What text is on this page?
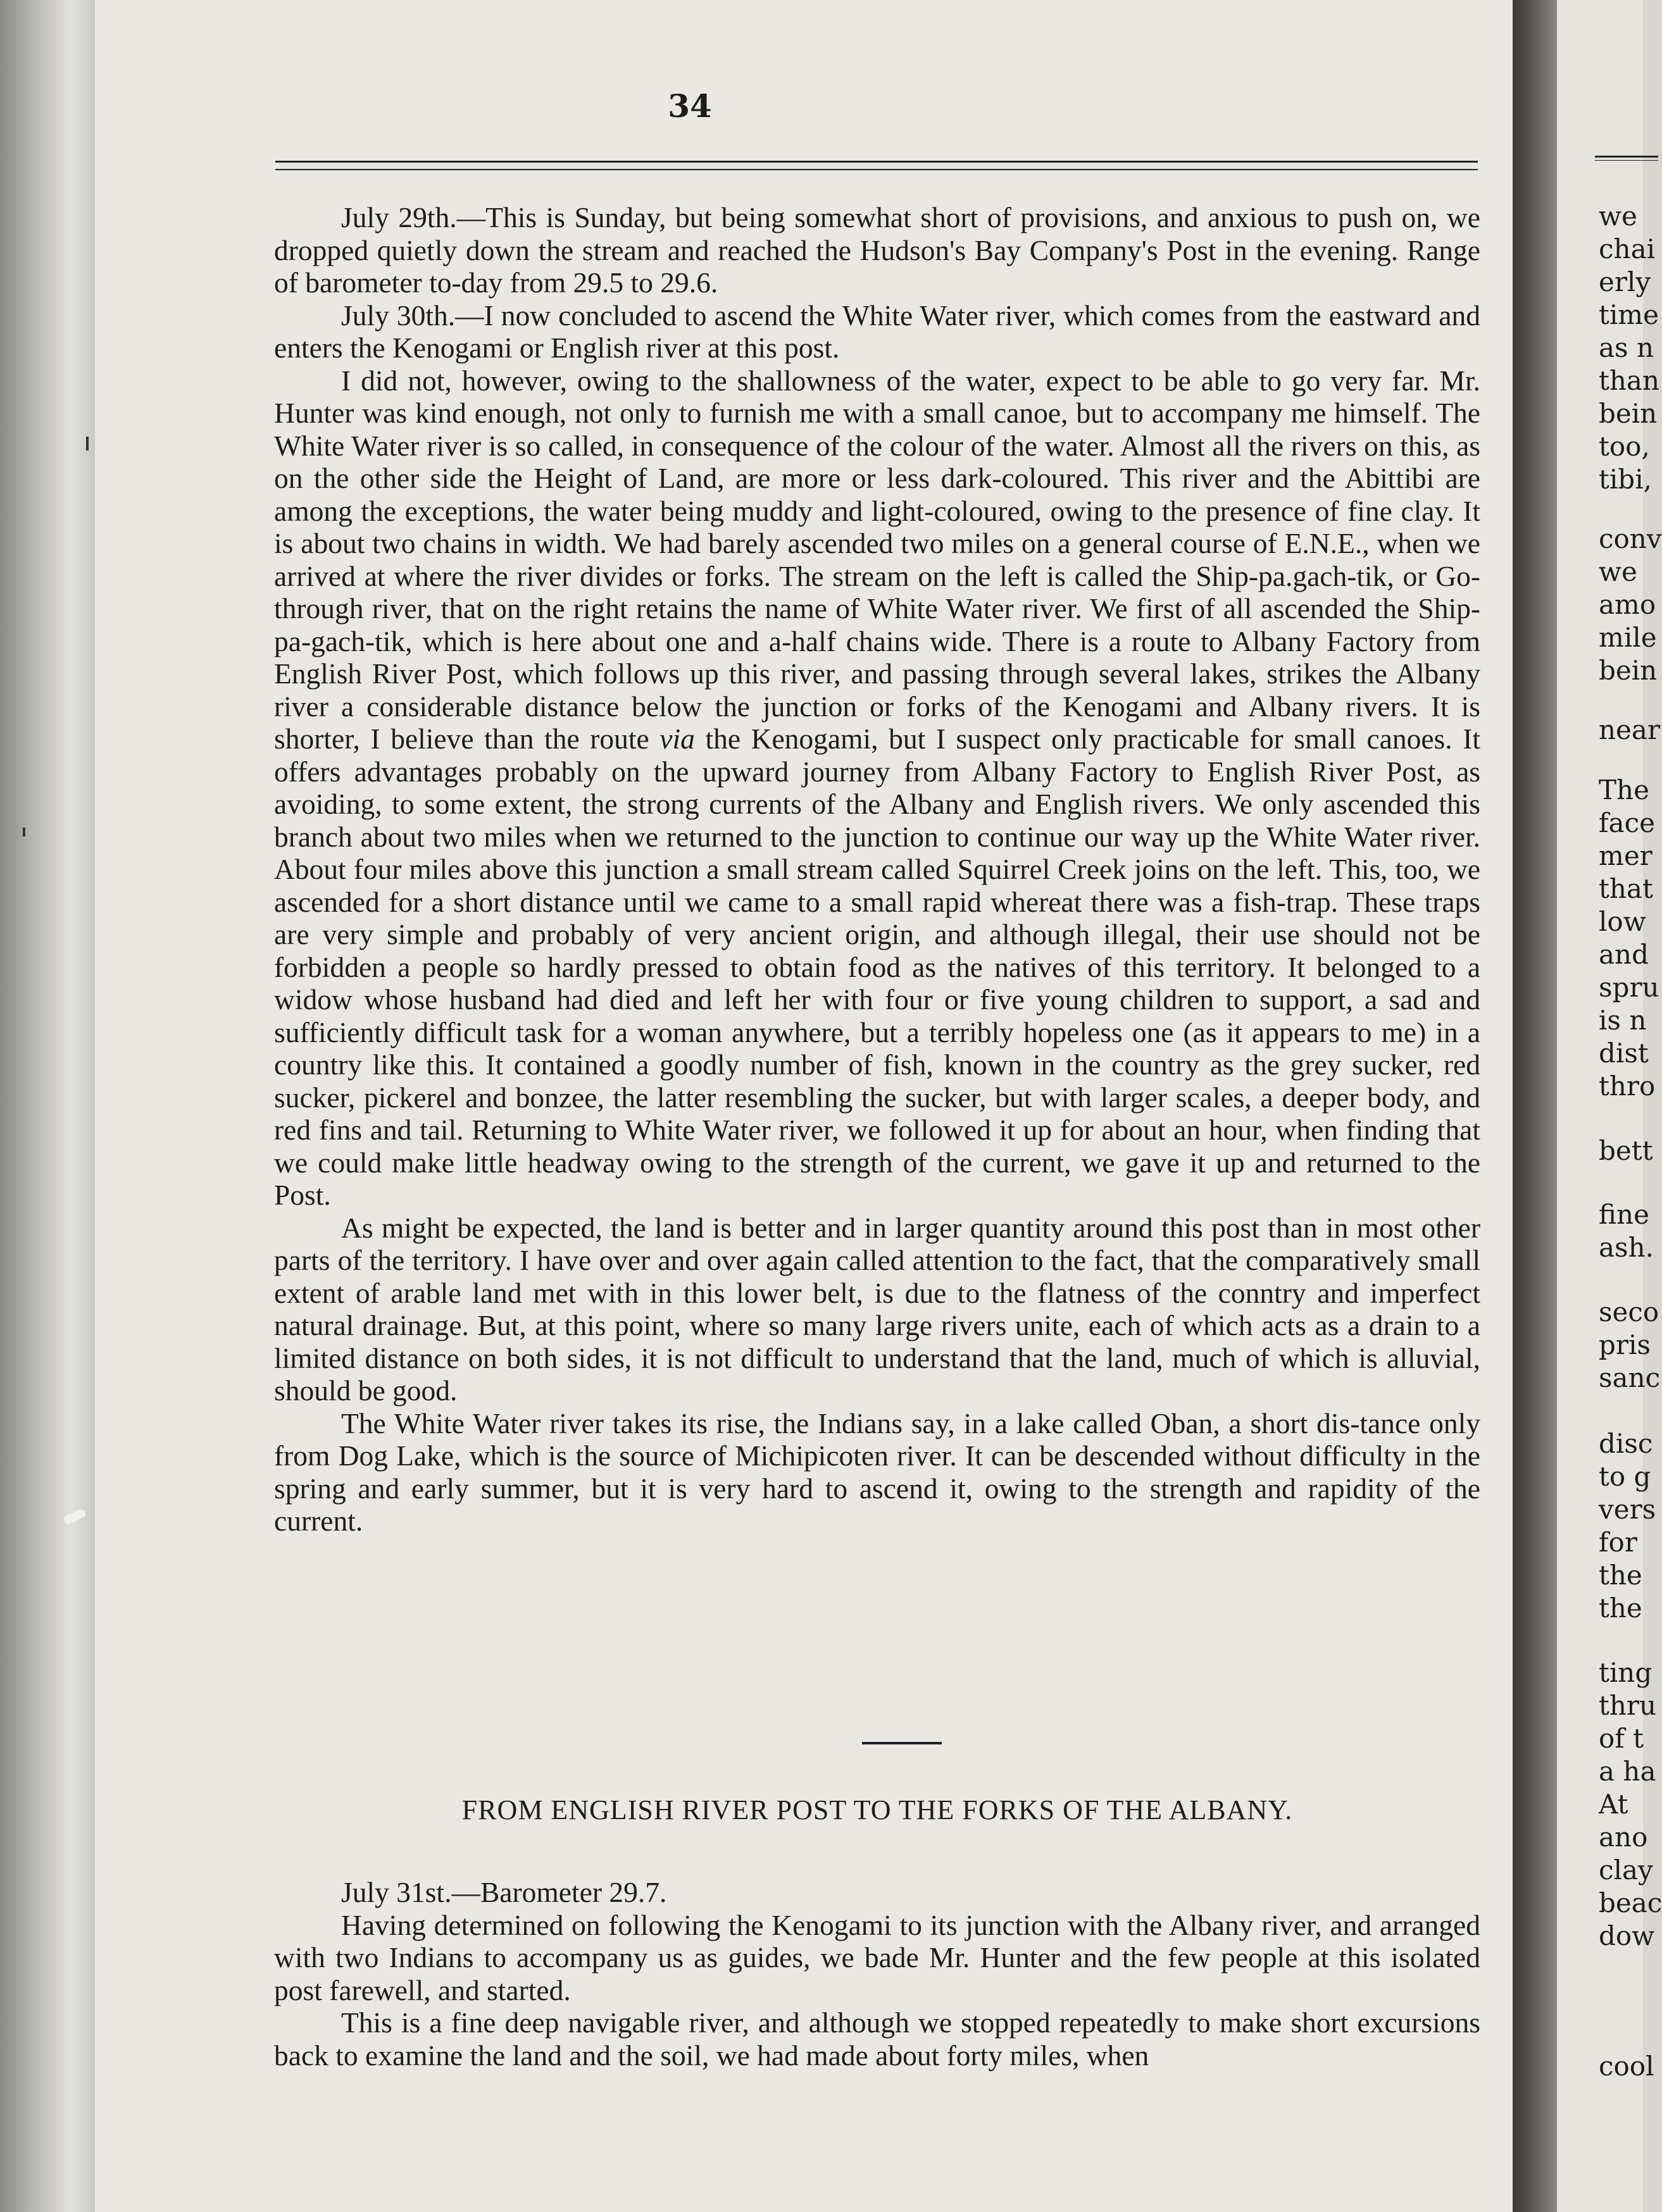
34

July 29th.—This is Sunday, but being somewhat short of provisions, and anxious to push on, we dropped quietly down the stream and reached the Hudson's Bay Company's Post in the evening. Range of barometer to-day from 29.5 to 29.6.

July 30th.—I now concluded to ascend the White Water river, which comes from the eastward and enters the Kenogami or English river at this post.

I did not, however, owing to the shallowness of the water, expect to be able to go very far. Mr. Hunter was kind enough, not only to furnish me with a small canoe, but to accompany me himself. The White Water river is so called, in consequence of the colour of the water. Almost all the rivers on this, as on the other side the Height of Land, are more or less dark-coloured. This river and the Abittibi are among the exceptions, the water being muddy and light-coloured, owing to the presence of fine clay. It is about two chains in width. We had barely ascended two miles on a general course of E.N.E., when we arrived at where the river divides or forks. The stream on the left is called the Ship-pa.gach-tik, or Go-through river, that on the right retains the name of White Water river. We first of all ascended the Ship-pa-gach-tik, which is here about one and a-half chains wide. There is a route to Albany Factory from English River Post, which follows up this river, and passing through several lakes, strikes the Albany river a considerable distance below the junction or forks of the Kenogami and Albany rivers. It is shorter, I believe than the route via the Kenogami, but I suspect only practicable for small canoes. It offers advantages probably on the upward journey from Albany Factory to English River Post, as avoiding, to some extent, the strong currents of the Albany and English rivers. We only ascended this branch about two miles when we returned to the junction to continue our way up the White Water river. About four miles above this junction a small stream called Squirrel Creek joins on the left. This, too, we ascended for a short distance until we came to a small rapid whereat there was a fish-trap. These traps are very simple and probably of very ancient origin, and although illegal, their use should not be forbidden a people so hardly pressed to obtain food as the natives of this territory. It belonged to a widow whose husband had died and left her with four or five young children to support, a sad and sufficiently difficult task for a woman anywhere, but a terribly hopeless one (as it appears to me) in a country like this. It contained a goodly number of fish, known in the country as the grey sucker, red sucker, pickerel and bonzee, the latter resembling the sucker, but with larger scales, a deeper body, and red fins and tail. Returning to White Water river, we followed it up for about an hour, when finding that we could make little headway owing to the strength of the current, we gave it up and returned to the Post.

As might be expected, the land is better and in larger quantity around this post than in most other parts of the territory. I have over and over again called attention to the fact, that the comparatively small extent of arable land met with in this lower belt, is due to the flatness of the conntry and imperfect natural drainage. But, at this point, where so many large rivers unite, each of which acts as a drain to a limited distance on both sides, it is not difficult to understand that the land, much of which is alluvial, should be good.

The White Water river takes its rise, the Indians say, in a lake called Oban, a short dis-tance only from Dog Lake, which is the source of Michipicoten river. It can be descended without difficulty in the spring and early summer, but it is very hard to ascend it, owing to the strength and rapidity of the current.

FROM ENGLISH RIVER POST TO THE FORKS OF THE ALBANY.

July 31st.—Barometer 29.7.

Having determined on following the Kenogami to its junction with the Albany river, and arranged with two Indians to accompany us as guides, we bade Mr. Hunter and the few people at this isolated post farewell, and started.

This is a fine deep navigable river, and although we stopped repeatedly to make short excursions back to examine the land and the soil, we had made about forty miles, when

we
chai
erly
time
as n
than
bein
too,
tibi,
conv
we
amo
mile
bein
near
The
face
mer
that
low
and
spru
is n
dist
thro
bett
fine
ash.
seco
pris
sanc
disc
to g
vers
for
the
the
ting
thru
of t
a ha
At
ano
clay
beac
dow
cool
